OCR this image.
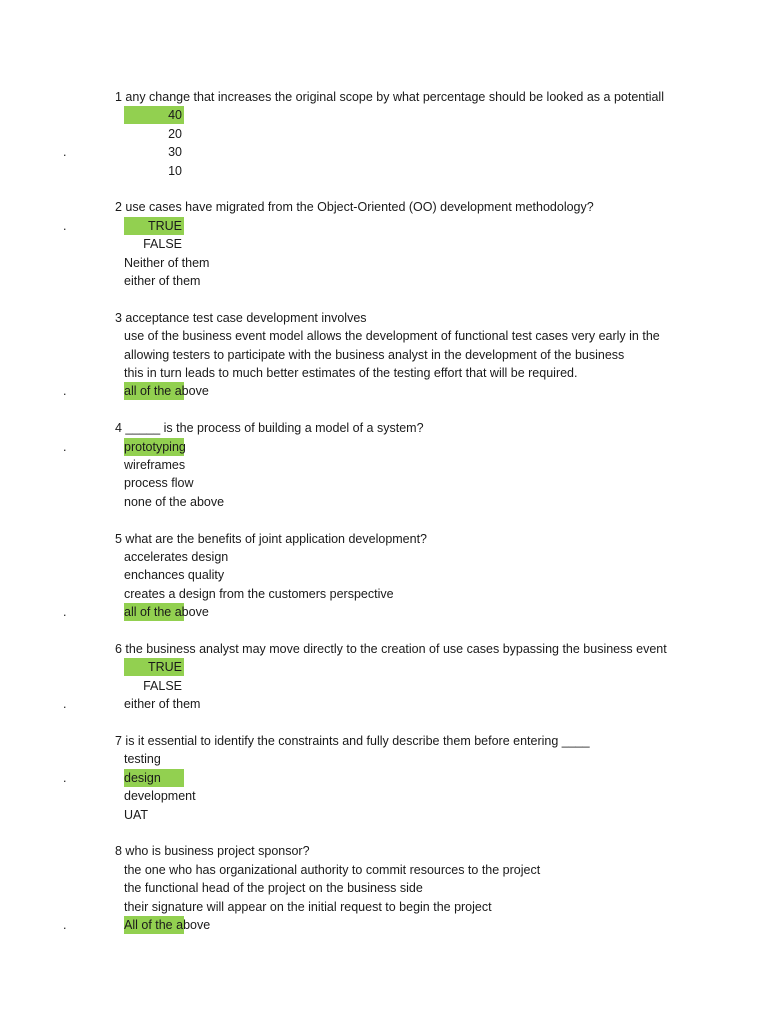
1 any change that increases the original scope by what percentage should be looked as a potentiall
40
20
.	30
10
2 use cases have migrated from the Object-Oriented (OO) development methodology?
.	TRUE
FALSE
Neither of them
either of them
3 acceptance test case development involves
use of the business event model allows the development of functional test cases very early in the
allowing testers to participate with the business analyst in the development of the business
this in turn leads to much better estimates of the testing effort that will be required.
.	all of the above
4 _____ is the process of building a model of a system?
.	prototyping
wireframes
process flow
none of the above
5 what are the benefits of joint application development?
accelerates design
enchances quality
creates a design from the customers perspective
.	all of the above
6 the business analyst may move directly to the creation of use cases bypassing the business event
TRUE
FALSE
.	either of them
7 is it essential to identify the constraints and fully describe them before entering ____
testing
.	design
development
UAT
8 who is business project sponsor?
the one who has organizational authority to commit resources to the project
the functional head of the project on the business side
their signature will appear on the initial request to begin the project
.	All of the above
